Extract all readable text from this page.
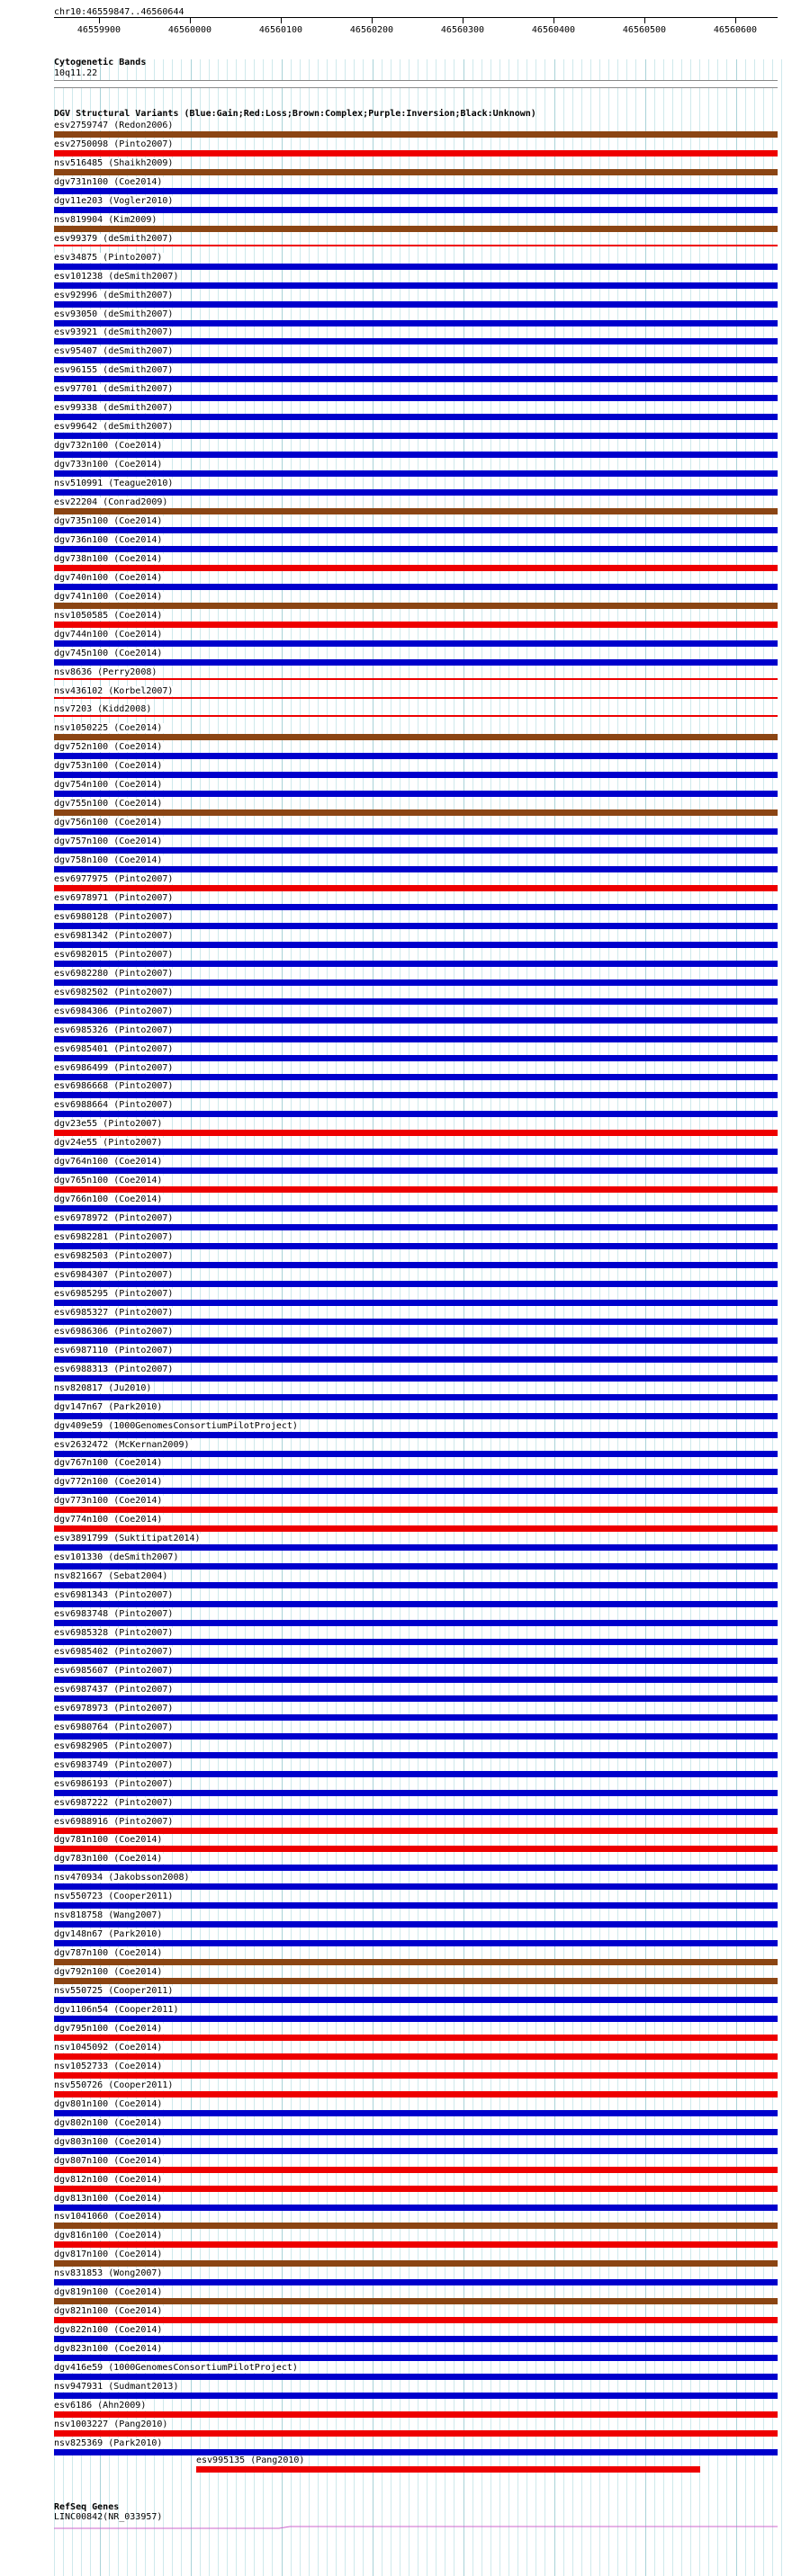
chr10:46559847..46560644
46559900	46560000	46560100	46560200	46560300	46560400	46560500	46560600
Cytogenetic Bands
10q11.22
DGV Structural Variants (Blue:Gain;Red:Loss;Brown:Complex;Purple:Inversion;Black:Unknown)
esv2759747 (Redon2006)
esv2750098 (Pinto2007)
nsv516485 (Shaikh2009)
dgv731n100 (Coe2014)
dgv11e203 (Vogler2010)
nsv819904 (Kim2009)
esv99379 (deSmith2007)
esv34875 (Pinto2007)
esv101238 (deSmith2007)
esv92996 (deSmith2007)
esv93050 (deSmith2007)
esv93921 (deSmith2007)
esv95407 (deSmith2007)
esv96155 (deSmith2007)
esv97701 (deSmith2007)
esv99338 (deSmith2007)
esv99642 (deSmith2007)
dgv732n100 (Coe2014)
dgv733n100 (Coe2014)
nsv510991 (Teague2010)
esv22204 (Conrad2009)
dgv735n100 (Coe2014)
dgv736n100 (Coe2014)
dgv738n100 (Coe2014)
dgv740n100 (Coe2014)
dgv741n100 (Coe2014)
nsv1050585 (Coe2014)
dgv744n100 (Coe2014)
dgv745n100 (Coe2014)
nsv8636 (Perry2008)
nsv436102 (Korbel2007)
nsv7203 (Kidd2008)
nsv1050225 (Coe2014)
dgv752n100 (Coe2014)
dgv753n100 (Coe2014)
dgv754n100 (Coe2014)
dgv755n100 (Coe2014)
dgv756n100 (Coe2014)
dgv757n100 (Coe2014)
dgv758n100 (Coe2014)
esv6977975 (Pinto2007)
esv6978971 (Pinto2007)
esv6980128 (Pinto2007)
esv6981342 (Pinto2007)
esv6982015 (Pinto2007)
esv6982280 (Pinto2007)
esv6982502 (Pinto2007)
esv6984306 (Pinto2007)
esv6985326 (Pinto2007)
esv6985401 (Pinto2007)
esv6986499 (Pinto2007)
esv6986668 (Pinto2007)
esv6988664 (Pinto2007)
dgv23e55 (Pinto2007)
dgv24e55 (Pinto2007)
dgv764n100 (Coe2014)
dgv765n100 (Coe2014)
dgv766n100 (Coe2014)
esv6978972 (Pinto2007)
esv6982281 (Pinto2007)
esv6982503 (Pinto2007)
esv6984307 (Pinto2007)
esv6985295 (Pinto2007)
esv6985327 (Pinto2007)
esv6986306 (Pinto2007)
esv6987110 (Pinto2007)
esv6988313 (Pinto2007)
nsv820817 (Ju2010)
dgv147n67 (Park2010)
dgv409e59 (1000GenomesConsortiumPilotProject)
esv2632472 (McKernan2009)
dgv767n100 (Coe2014)
dgv772n100 (Coe2014)
dgv773n100 (Coe2014)
dgv774n100 (Coe2014)
esv3891799 (Suktitipat2014)
esv101330 (deSmith2007)
nsv821667 (Sebat2004)
esv6981343 (Pinto2007)
esv6983748 (Pinto2007)
esv6985328 (Pinto2007)
esv6985402 (Pinto2007)
esv6985607 (Pinto2007)
esv6987437 (Pinto2007)
esv6978973 (Pinto2007)
esv6980764 (Pinto2007)
esv6982905 (Pinto2007)
esv6983749 (Pinto2007)
esv6986193 (Pinto2007)
esv6987222 (Pinto2007)
esv6988916 (Pinto2007)
dgv781n100 (Coe2014)
dgv783n100 (Coe2014)
nsv470934 (Jakobsson2008)
nsv550723 (Cooper2011)
nsv818758 (Wang2007)
dgv148n67 (Park2010)
dgv787n100 (Coe2014)
dgv792n100 (Coe2014)
nsv550725 (Cooper2011)
dgv1106n54 (Cooper2011)
dgv795n100 (Coe2014)
nsv1045092 (Coe2014)
nsv1052733 (Coe2014)
nsv550726 (Cooper2011)
dgv801n100 (Coe2014)
dgv802n100 (Coe2014)
dgv803n100 (Coe2014)
dgv807n100 (Coe2014)
dgv812n100 (Coe2014)
dgv813n100 (Coe2014)
nsv1041060 (Coe2014)
dgv816n100 (Coe2014)
dgv817n100 (Coe2014)
nsv831853 (Wong2007)
dgv819n100 (Coe2014)
dgv821n100 (Coe2014)
dgv822n100 (Coe2014)
dgv823n100 (Coe2014)
dgv416e59 (1000GenomesConsortiumPilotProject)
nsv947931 (Sudmant2013)
esv6186 (Ahn2009)
nsv1003227 (Pang2010)
nsv825369 (Park2010)
esv995135 (Pang2010)
RefSeq Genes
LINC00842(NR_033957)
